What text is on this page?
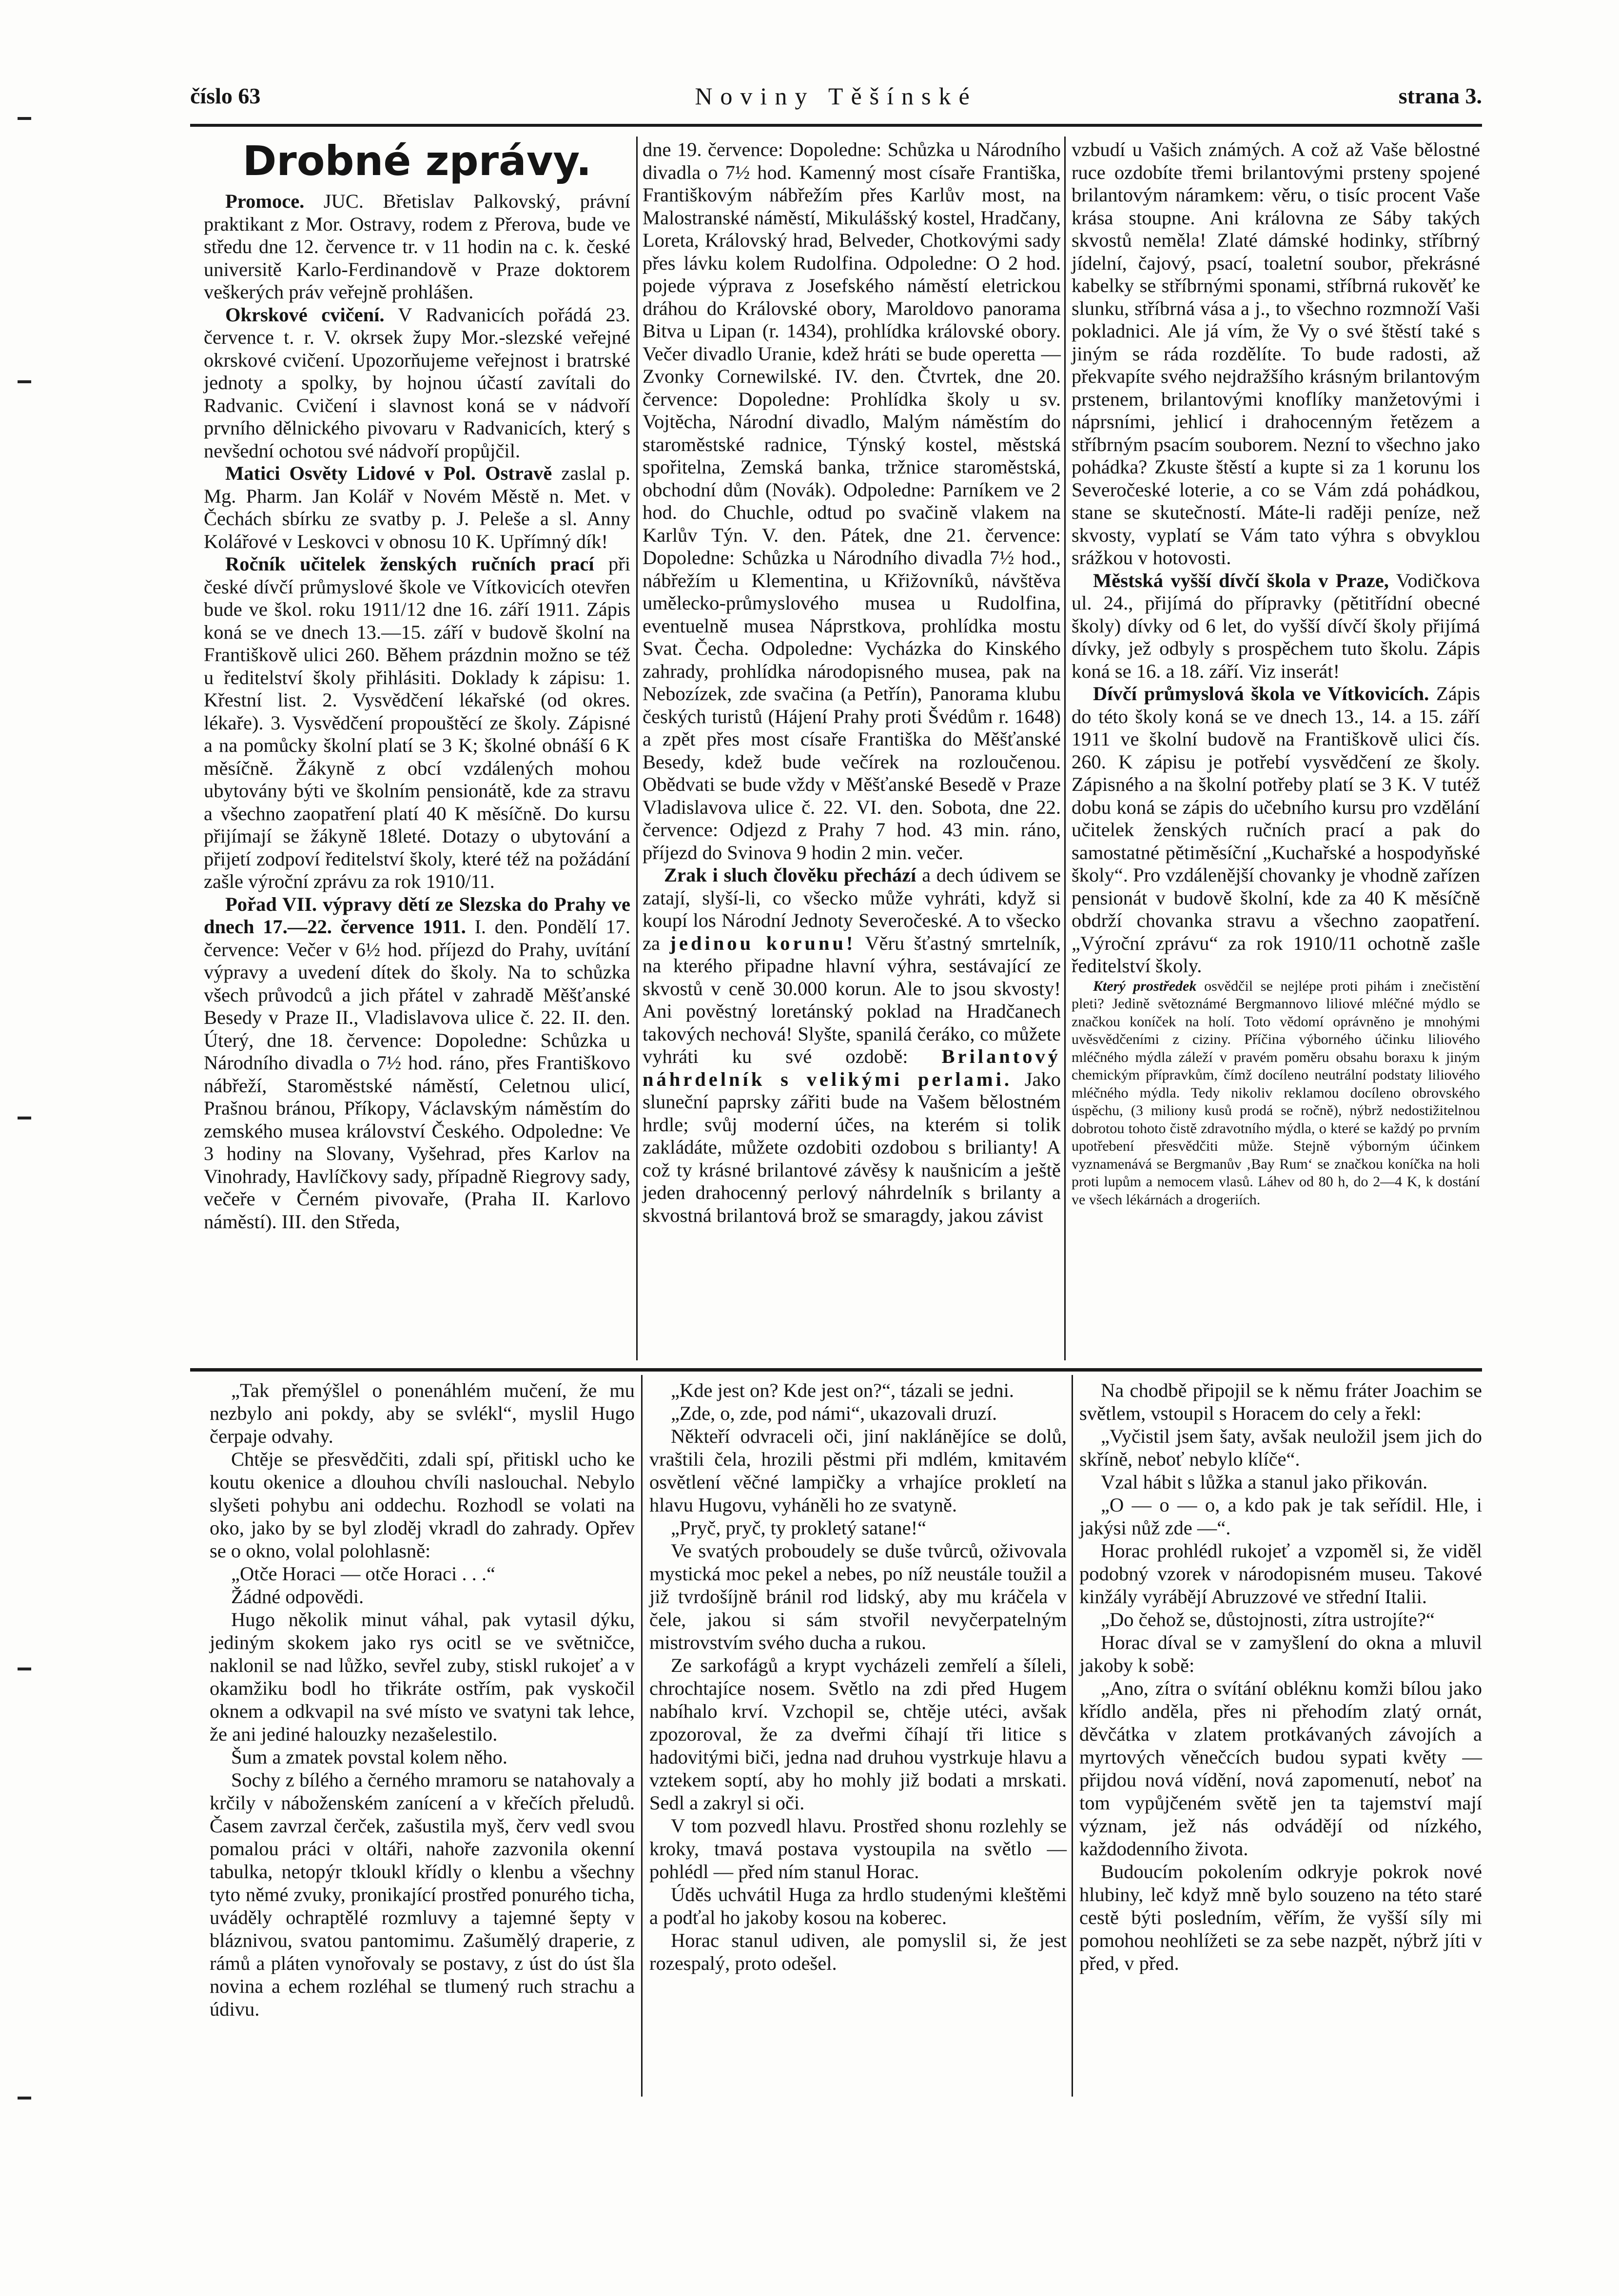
číslo 63	Noviny Těšínské	strana 3.
Drobné zprávy.

Promoce. JUC. Břetislav Palkovský, právní praktikant z Mor. Ostravy, rodem z Přerova, bude ve středu dne 12. července tr. v 11 hodin na c. k. české universitě Karlo-Ferdinandově v Praze doktorem veškerých práv veřejně prohlášen.

Okrskové cvičení. V Radvanicích pořádá 23. července t. r. V. okrsek župy Mor.-slezské veřejné okrskové cvičení. Upozorňujeme veřejnost i bratrské jednoty a spolky, by hojnou účastí zavítali do Radvanic. Cvičení i slavnost koná se v nádvoří prvního dělnického pivovaru v Radvanicích, který s nevšední ochotou své nádvoří propůjčil.

Matici Osvěty Lidové v Pol. Ostravě zaslal p. Mg. Pharm. Jan Kolář v Novém Městě n. Met. v Čechách sbírku ze svatby p. J. Peleše a sl. Anny Kolářové v Leskovci v obnosu 10 K. Upřímný dík!

Ročník učitelek ženských ručních prací při české dívčí průmyslové škole ve Vítkovicích otevřen bude ve škol. roku 1911/12 dne 16. září 1911. Zápis koná se ve dnech 13.—15. září v budově školní na Františkově ulici 260. Během prázdnin možno se též u ředitelství školy přihlásiti. Doklady k zápisu: 1. Křestní list. 2. Vysvědčení lékařské (od okres. lékaře). 3. Vysvědčení propouštěcí ze školy. Zápisné a na pomůcky školní platí se 3 K; školné obnáší 6 K měsíčně. Žákyně z obcí vzdálených mohou ubytovány býti ve školním pensionátě, kde za stravu a všechno zaopatření platí 40 K měsíčně. Do kursu přijímají se žákyně 18leté. Dotazy o ubytování a přijetí zodpoví ředitelství školy, které též na požádání zašle výroční zprávu za rok 1910/11.

Pořad VII. výpravy dětí ze Slezska do Prahy ve dnech 17.—22. července 1911. I. den. Pondělí 17. července: Večer v 6½ hod. příjezd do Prahy, uvítání výpravy a uvedení dítek do školy. Na to schůzka všech průvodců a jich přátel v zahradě Měšťanské Besedy v Praze II., Vladislavova ulice č. 22. II. den. Úterý, dne 18. července: Dopoledne: Schůzka u Národního divadla o 7½ hod. ráno, přes Františkovo nábřeží, Staroměstské náměstí, Celetnou ulicí, Prašnou bránou, Příkopy, Václavským náměstím do zemského musea království Českého. Odpoledne: Ve 3 hodiny na Slovany, Vyšehrad, přes Karlov na Vinohrady, Havlíčkovy sady, případně Riegrovy sady, večeře v Černém pivovaře, (Praha II. Karlovo náměstí). III. den Středa,

dne 19. července: Dopoledne: Schůzka u Národního divadla o 7½ hod. Kamenný most císaře Františka, Františkovým nábřežím přes Karlův most, na Malostranské náměstí, Mikulášský kostel, Hradčany, Loreta, Královský hrad, Belveder, Chotkovými sady přes lávku kolem Rudolfina. Odpoledne: O 2 hod. pojede výprava z Josefského náměstí eletrickou dráhou do Královské obory, Maroldovo panorama Bitva u Lipan (r. 1434), prohlídka královské obory. Večer divadlo Uranie, kdež hráti se bude operetta — Zvonky Cornewilské. IV. den. Čtvrtek, dne 20. července: Dopoledne: Prohlídka školy u sv. Vojtěcha, Národní divadlo, Malým náměstím do staroměstské radnice, Týnský kostel, městská spořitelna, Zemská banka, tržnice staroměstská, obchodní dům (Novák). Odpoledne: Parníkem ve 2 hod. do Chuchle, odtud po svačině vlakem na Karlův Týn. V. den. Pátek, dne 21. července: Dopoledne: Schůzka u Národního divadla 7½ hod., nábřežím u Klementina, u Křižovníků, návštěva umělecko-průmyslového musea u Rudolfina, eventuelně musea Náprstkova, prohlídka mostu Svat. Čecha. Odpoledne: Vycházka do Kinského zahrady, prohlídka národopisného musea, pak na Nebozízek, zde svačina (a Petřín), Panorama klubu českých turistů (Hájení Prahy proti Švédům r. 1648) a zpět přes most císaře Františka do Měšťanské Besedy, kdež bude večírek na rozloučenou. Obědvati se bude vždy v Měšťanské Besedě v Praze Vladislavova ulice č. 22. VI. den. Sobota, dne 22. července: Odjezd z Prahy 7 hod. 43 min. ráno, příjezd do Svinova 9 hodin 2 min. večer.

Zrak i sluch člověku přechází a dech údivem se zatají, slyší-li, co všecko může vyhráti, když si koupí los Národní Jednoty Severočeské. A to všecko za jedinou korunu! Věru šťastný smrtelník, na kterého připadne hlavní výhra, sestávající ze skvostů v ceně 30.000 korun. Ale to jsou skvosty! Ani pověstný loretánský poklad na Hradčanech takových nechová! Slyšte, spanilá čeráko, co můžete vyhráti ku své ozdobě: Brilantový náhrdelník s velikými perlami. Jako sluneční paprsky zářiti bude na Vašem bělostném hrdle; svůj moderní účes, na kterém si tolik zakládáte, můžete ozdobiti ozdobou s brilianty! A což ty krásné brilantové závěsy k naušnicím a ještě jeden drahocenný perlový náhrdelník s brilanty a skvostná brilantová brož se smaragdy, jakou závist

vzbudí u Vašich známých. A což až Vaše bělostné ruce ozdobíte třemi brilantovými prsteny spojené brilantovým náramkem: věru, o tisíc procent Vaše krása stoupne. Ani královna ze Sáby takých skvostů neměla! Zlaté dámské hodinky, stříbrný jídelní, čajový, psací, toaletní soubor, překrásné kabelky se stříbrnými sponami, stříbrná rukověť ke slunku, stříbrná vása a j., to všechno rozmnoží Vaši pokladnici. Ale já vím, že Vy o své štěstí také s jiným se ráda rozdělíte. To bude radosti, až překvapíte svého nejdražšího krásným brilantovým prstenem, brilantovými knoflíky manžetovými i náprsními, jehlicí i drahocenným řetězem a stříbrným psacím souborem. Nezní to všechno jako pohádka? Zkuste štěstí a kupte si za 1 korunu los Severočeské loterie, a co se Vám zdá pohádkou, stane se skutečností. Máte-li raději peníze, než skvosty, vyplatí se Vám tato výhra s obvyklou srážkou v hotovosti.

Městská vyšší dívčí škola v Praze, Vodičkova ul. 24., přijímá do přípravky (pětitřídní obecné školy) dívky od 6 let, do vyšší dívčí školy přijímá dívky, jež odbyly s prospěchem tuto školu. Zápis koná se 16. a 18. září. Viz inserát!

Dívčí průmyslová škola ve Vítkovicích. Zápis do této školy koná se ve dnech 13., 14. a 15. září 1911 ve školní budově na Františkově ulici čís. 260. K zápisu je potřebí vysvědčení ze školy. Zápisného a na školní potřeby platí se 3 K. V tutéž dobu koná se zápis do učebního kursu pro vzdělání učitelek ženských ručních prací a pak do samostatné pětiměsíční „Kuchařské a hospodyňské školy“. Pro vzdálenější chovanky je vhodně zařízen pensionát v budově školní, kde za 40 K měsíčně obdrží chovanka stravu a všechno zaopatření. „Výroční zprávu“ za rok 1910/11 ochotně zašle ředitelství školy.

Který prostředek osvědčil se nejlépe proti pihám i znečistění pleti? Jedině světoznámé Bergmannovo liliové mléčné mýdlo se značkou koníček na holí. Toto vědomí oprávněno je mnohými uvěsvědčeními z ciziny. Příčina výborného účinku liliového mléčného mýdla záleží v pravém poměru obsahu boraxu k jiným chemickým přípravkům, čímž docíleno neutrální podstaty liliového mléčného mýdla. Tedy nikoliv reklamou docíleno obrovského úspěchu, (3 miliony kusů prodá se ročně), nýbrž nedostižitelnou dobrotou tohoto čistě zdravotního mýdla, o které se každý po prvním upotřebení přesvědčiti může. Stejně výborným účinkem vyznamenává se Bergmanův ‚Bay Rum‘ se značkou koníčka na holi proti lupům a nemocem vlasů. Láhev od 80 h, do 2—4 K, k dostání ve všech lékárnách a drogeriích.

„Tak přemýšlel o ponenáhlém mučení, že mu nezbylo ani pokdy, aby se svlékl“, myslil Hugo čerpaje odvahy.

Chtěje se přesvědčiti, zdali spí, přitiskl ucho ke koutu okenice a dlouhou chvíli naslouchal. Nebylo slyšeti pohybu ani oddechu. Rozhodl se volati na oko, jako by se byl zloděj vkradl do zahrady. Opřev se o okno, volal polohlasně:

„Otče Horaci — otče Horaci . . .“

Žádné odpovědi.

Hugo několik minut váhal, pak vytasil dýku, jediným skokem jako rys ocitl se ve světničce, naklonil se nad lůžko, sevřel zuby, stiskl rukojeť a v okamžiku bodl ho třikráte ostřím, pak vyskočil oknem a odkvapil na své místo ve svatyni tak lehce, že ani jediné halouzky nezašelestilo.

Šum a zmatek povstal kolem něho.

Sochy z bílého a černého mramoru se natahovaly a krčily v náboženském zanícení a v křečích přeludů. Časem zavrzal čerček, zašustila myš, červ vedl svou pomalou práci v oltáři, nahoře zazvonila okenní tabulka, netopýr tkloukl křídly o klenbu a všechny tyto němé zvuky, pronikající prostřed ponurého ticha, uváděly ochraptělé rozmluvy a tajemné šepty v bláznivou, svatou pantomimu. Zašumělý draperie, z rámů a pláten vynořovaly se postavy, z úst do úst šla novina a echem rozléhal se tlumený ruch strachu a údivu.

„Kde jest on? Kde jest on?“, tázali se jedni.

„Zde, o, zde, pod námi“, ukazovali druzí.

Někteří odvraceli oči, jiní naklánějíce se dolů, vraštili čela, hrozili pěstmi při mdlém, kmitavém osvětlení věčné lampičky a vrhajíce prokletí na hlavu Hugovu, vyháněli ho ze svatyně.

„Pryč, pryč, ty prokletý satane!“

Ve svatých proboudely se duše tvůrců, oživovala mystická moc pekel a nebes, po níž neustále toužil a již tvrdošíjně bránil rod lidský, aby mu kráčela v čele, jakou si sám stvořil nevyčerpatelným mistrovstvím svého ducha a rukou.

Ze sarkofágů a krypt vycházeli zemřelí a šíleli, chrochtajíce nosem. Světlo na zdi před Hugem nabíhalo krví. Vzchopil se, chtěje utéci, avšak zpozoroval, že za dveřmi číhají tři litice s hadovitými biči, jedna nad druhou vystrkuje hlavu a vztekem soptí, aby ho mohly již bodati a mrskati. Sedl a zakryl si oči.

V tom pozvedl hlavu. Prostřed shonu rozlehly se kroky, tmavá postava vystoupila na světlo — pohlédl — před ním stanul Horac.

Úděs uchvátil Huga za hrdlo studenými kleštěmi a podťal ho jakoby kosou na koberec.

Horac stanul udiven, ale pomyslil si, že jest rozespalý, proto odešel.

Na chodbě připojil se k němu fráter Joachim se světlem, vstoupil s Horacem do cely a řekl:

„Vyčistil jsem šaty, avšak neuložil jsem jich do skříně, neboť nebylo klíče“.

Vzal hábit s lůžka a stanul jako přikován.

„O — o — o, a kdo pak je tak seřídil. Hle, i jakýsi nůž zde —“.

Horac prohlédl rukojeť a vzpoměl si, že viděl podobný vzorek v národopisném museu. Takové kinžály vyrábějí Abruzzové ve střední Italii.

„Do čehož se, důstojnosti, zítra ustrojíte?“

Horac díval se v zamyšlení do okna a mluvil jakoby k sobě:

„Ano, zítra o svítání obléknu komži bílou jako křídlo anděla, přes ni přehodím zlatý ornát, děvčátka v zlatem protkávaných závojích a myrtových věnečcích budou sypati květy — přijdou nová vídění, nová zapomenutí, neboť na tom vypůjčeném světě jen ta tajemství mají význam, jež nás odvádějí od nízkého, každodenního života.

Budoucím pokolením odkryje pokrok nové hlubiny, leč když mně bylo souzeno na této staré cestě býti posledním, věřím, že vyšší síly mi pomohou neohlížeti se za sebe nazpět, nýbrž jíti v před, v před.
